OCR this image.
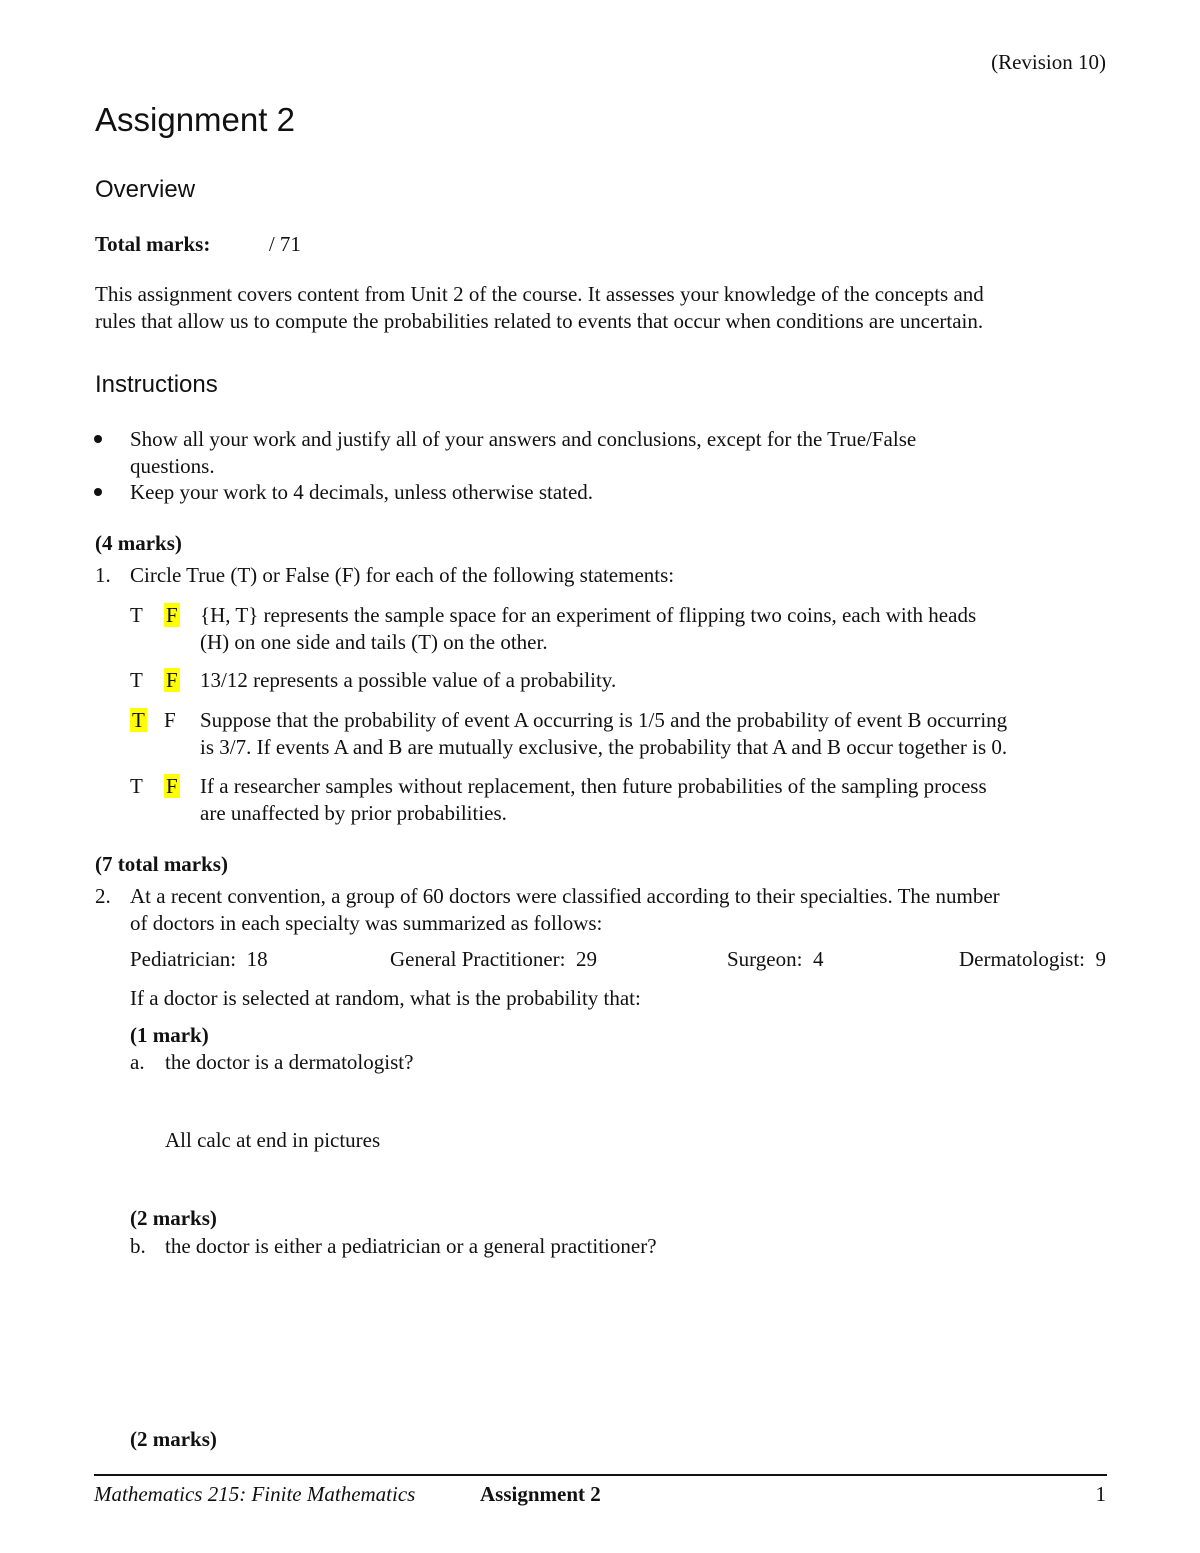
(Revision 10)
Assignment 2
Overview
Total marks:	/ 71
This assignment covers content from Unit 2 of the course. It assesses your knowledge of the concepts and
rules that allow us to compute the probabilities related to events that occur when conditions are uncertain.
Instructions
Show all your work and justify all of your answers and conclusions, except for the True/False
questions.
Keep your work to 4 decimals, unless otherwise stated.
(4 marks)
1. Circle True (T) or False (F) for each of the following statements:
T	F	{H, T} represents the sample space for an experiment of flipping two coins, each with heads
(H) on one side and tails (T) on the other.
T	F	13/12 represents a possible value of a probability.
T F	Suppose that the probability of event A occurring is 1/5 and the probability of event B occurring
is 3/7. If events A and B are mutually exclusive, the probability that A and B occur together is 0.
T	F	If a researcher samples without replacement, then future probabilities of the sampling process
are unaffected by prior probabilities.
(7 total marks)
2. At a recent convention, a group of 60 doctors were classified according to their specialties. The number
of doctors in each specialty was summarized as follows:
Pediatrician: 18	General Practitioner: 29	Surgeon: 4	Dermatologist: 9
If a doctor is selected at random, what is the probability that:
(1 mark)
a. the doctor is a dermatologist?
All calc at end in pictures
(2 marks)
b. the doctor is either a pediatrician or a general practitioner?
(2 marks)
Mathematics 215: Finite Mathematics	Assignment 2	1
